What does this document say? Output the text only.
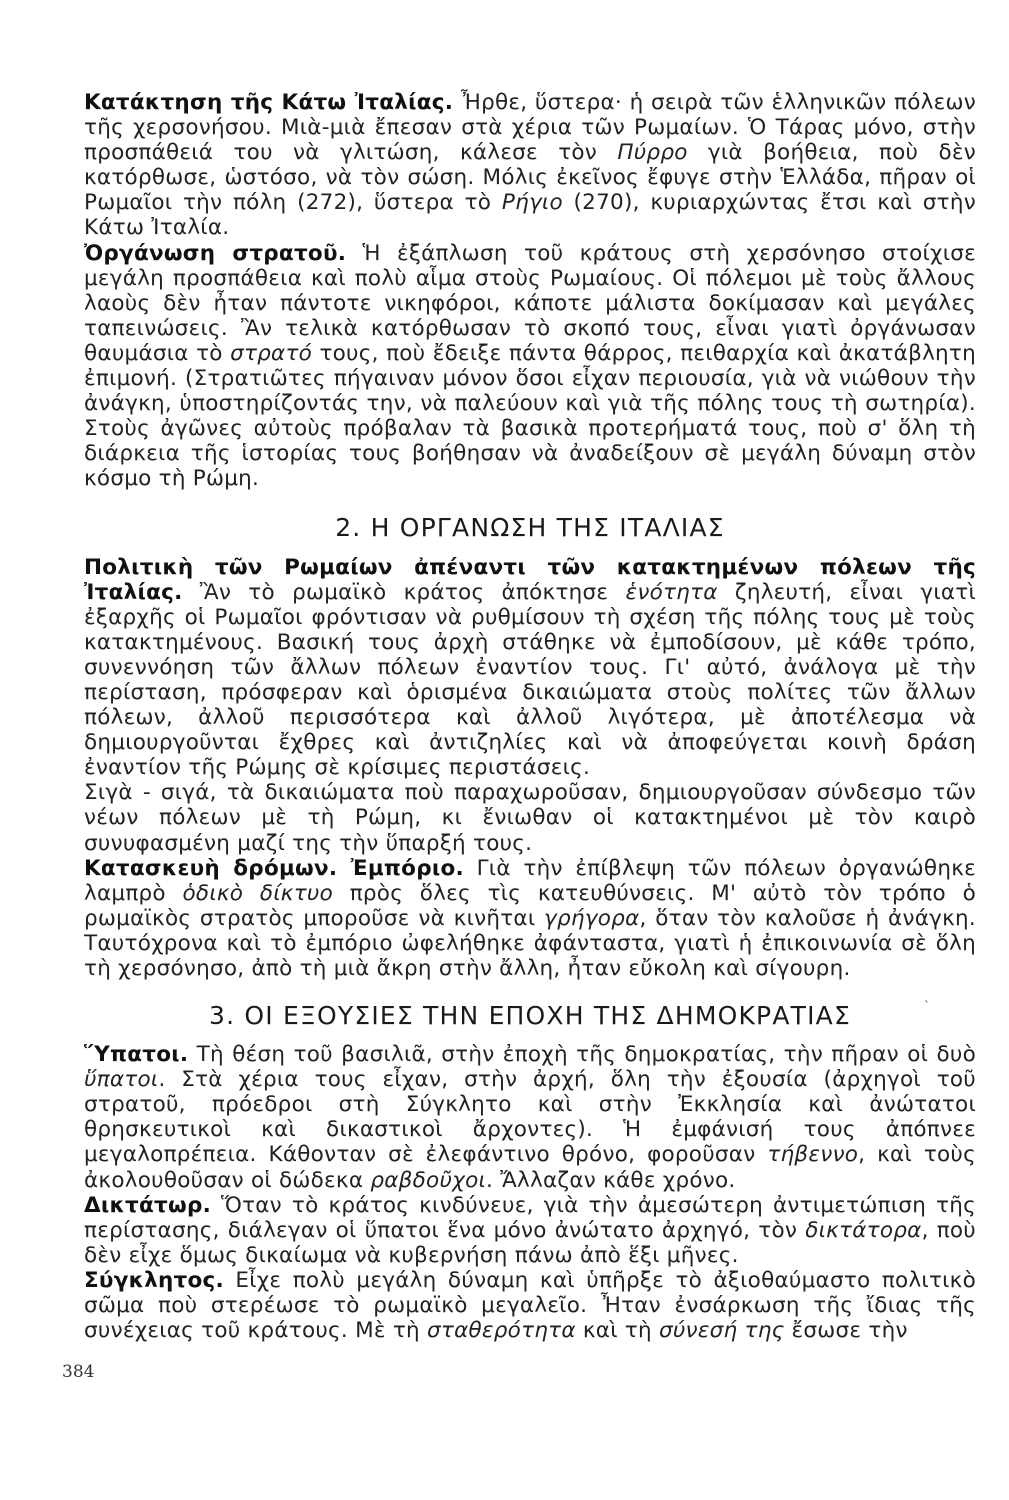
Κατάκτηση τῆς Κάτω Ἰταλίας. Ἦρθε, ὕστερα· ἡ σειρὰ τῶν ἑλληνικῶν πόλεων τῆς χερσονήσου. Μιὰ-μιὰ ἔπεσαν στὰ χέρια τῶν Ρωμαίων. Ὁ Τάρας μόνο, στὴν προσπάθειά του νὰ γλιτώση, κάλεσε τὸν Πύρρο γιὰ βοήθεια, ποὺ δὲν κατόρθωσε, ὡστόσο, νὰ τὸν σώση. Μόλις ἐκεῖνος ἔφυγε στὴν Ἑλλάδα, πῆραν οἱ Ρωμαῖοι τὴν πόλη (272), ὕστερα τὸ Ρήγιο (270), κυριαρχώντας ἔτσι καὶ στὴν Κάτω Ἰταλία.

Ὀργάνωση στρατοῦ. Ἡ ἐξάπλωση τοῦ κράτους στὴ χερσόνησο στοίχισε μεγάλη προσπάθεια καὶ πολὺ αἷμα στοὺς Ρωμαίους. Οἱ πόλεμοι μὲ τοὺς ἄλλους λαοὺς δὲν ἦταν πάντοτε νικηφόροι, κάποτε μάλιστα δοκίμασαν καὶ μεγάλες ταπεινώσεις. Ἂν τελικὰ κατόρθωσαν τὸ σκοπό τους, εἶναι γιατὶ ὀργάνωσαν θαυμάσια τὸ στρατό τους, ποὺ ἔδειξε πάντα θάρρος, πειθαρχία καὶ ἀκατάβλητη ἐπιμονή. (Στρατιῶτες πήγαιναν μόνον ὅσοι εἶχαν περιουσία, γιὰ νὰ νιώθουν τὴν ἀνάγκη, ὑποστηρίζοντάς την, νὰ παλεύουν καὶ γιὰ τῆς πόλης τους τὴ σωτηρία). Στοὺς ἀγῶνες αὐτοὺς πρόβαλαν τὰ βασικὰ προτερήματά τους, ποὺ σ' ὅλη τὴ διάρκεια τῆς ἱστορίας τους βοήθησαν νὰ ἀναδείξουν σὲ μεγάλη δύναμη στὸν κόσμο τὴ Ρώμη.

2. Η ΟΡΓΑΝΩΣΗ ΤΗΣ ΙΤΑΛΙΑΣ

Πολιτικὴ τῶν Ρωμαίων ἀπέναντι τῶν κατακτημένων πόλεων τῆς Ἰταλίας. Ἂν τὸ ρωμαϊκὸ κράτος ἀπόκτησε ἑνότητα ζηλευτή, εἶναι γιατὶ ἐξαρχῆς οἱ Ρωμαῖοι φρόντισαν νὰ ρυθμίσουν τὴ σχέση τῆς πόλης τους μὲ τοὺς κατακτημένους. Βασική τους ἀρχὴ στάθηκε νὰ ἐμποδίσουν, μὲ κάθε τρόπο, συνεννόηση τῶν ἄλλων πόλεων ἐναντίον τους. Γι' αὐτό, ἀνάλογα μὲ τὴν περίσταση, πρόσφεραν καὶ ὁρισμένα δικαιώματα στοὺς πολίτες τῶν ἄλλων πόλεων, ἀλλοῦ περισσότερα καὶ ἀλλοῦ λιγότερα, μὲ ἀποτέλεσμα νὰ δημιουργοῦνται ἔχθρες καὶ ἀντιζηλίες καὶ νὰ ἀποφεύγεται κοινὴ δράση ἐναντίον τῆς Ρώμης σὲ κρίσιμες περιστάσεις.

Σιγὰ - σιγά, τὰ δικαιώματα ποὺ παραχωροῦσαν, δημιουργοῦσαν σύνδεσμο τῶν νέων πόλεων μὲ τὴ Ρώμη, κι ἔνιωθαν οἱ κατακτημένοι μὲ τὸν καιρὸ συνυφασμένη μαζί της τὴν ὕπαρξή τους.

Κατασκευὴ δρόμων. Ἐμπόριο. Γιὰ τὴν ἐπίβλεψη τῶν πόλεων ὀργανώθηκε λαμπρὸ ὁδικὸ δίκτυο πρὸς ὅλες τὶς κατευθύνσεις. Μ' αὐτὸ τὸν τρόπο ὁ ρωμαϊκὸς στρατὸς μποροῦσε νὰ κινῆται γρήγορα, ὅταν τὸν καλοῦσε ἡ ἀνάγκη. Ταυτόχρονα καὶ τὸ ἐμπόριο ὠφελήθηκε ἀφάνταστα, γιατὶ ἡ ἐπικοινωνία σὲ ὅλη τὴ χερσόνησο, ἀπὸ τὴ μιὰ ἄκρη στὴν ἄλλη, ἦταν εὔκολη καὶ σίγουρη.

3. ΟΙ ΕΞΟΥΣΙΕΣ ΤΗΝ ΕΠΟΧΗ ΤΗΣ ΔΗΜΟΚΡΑΤΙΑΣ

Ὕπατοι. Τὴ θέση τοῦ βασιλιᾶ, στὴν ἐποχὴ τῆς δημοκρατίας, τὴν πῆραν οἱ δυὸ ὕπατοι. Στὰ χέρια τους εἶχαν, στὴν ἀρχή, ὅλη τὴν ἐξουσία (ἀρχηγοὶ τοῦ στρατοῦ, πρόεδροι στὴ Σύγκλητο καὶ στὴν Ἐκκλησία καὶ ἀνώτατοι θρησκευτικοὶ καὶ δικαστικοὶ ἄρχοντες). Ἡ ἐμφάνισή τους ἀπόπνεε μεγαλοπρέπεια. Κάθονταν σὲ ἐλεφάντινο θρόνο, φοροῦσαν τήβεννο, καὶ τοὺς ἀκολουθοῦσαν οἱ δώδεκα ραβδοῦχοι. Ἄλλαζαν κάθε χρόνο.

Δικτάτωρ. Ὅταν τὸ κράτος κινδύνευε, γιὰ τὴν ἀμεσώτερη ἀντιμετώπιση τῆς περίστασης, διάλεγαν οἱ ὕπατοι ἕνα μόνο ἀνώτατο ἀρχηγό, τὸν δικτάτορα, ποὺ δὲν εἶχε ὅμως δικαίωμα νὰ κυβερνήση πάνω ἀπὸ ἕξι μῆνες.

Σύγκλητος. Εἶχε πολὺ μεγάλη δύναμη καὶ ὑπῆρξε τὸ ἀξιοθαύμαστο πολιτικὸ σῶμα ποὺ στερέωσε τὸ ρωμαϊκὸ μεγαλεῖο. Ἦταν ἐνσάρκωση τῆς ἴδιας τῆς συνέχειας τοῦ κράτους. Μὲ τὴ σταθερότητα καὶ τὴ σύνεσή της ἔσωσε τὴν

`
384
